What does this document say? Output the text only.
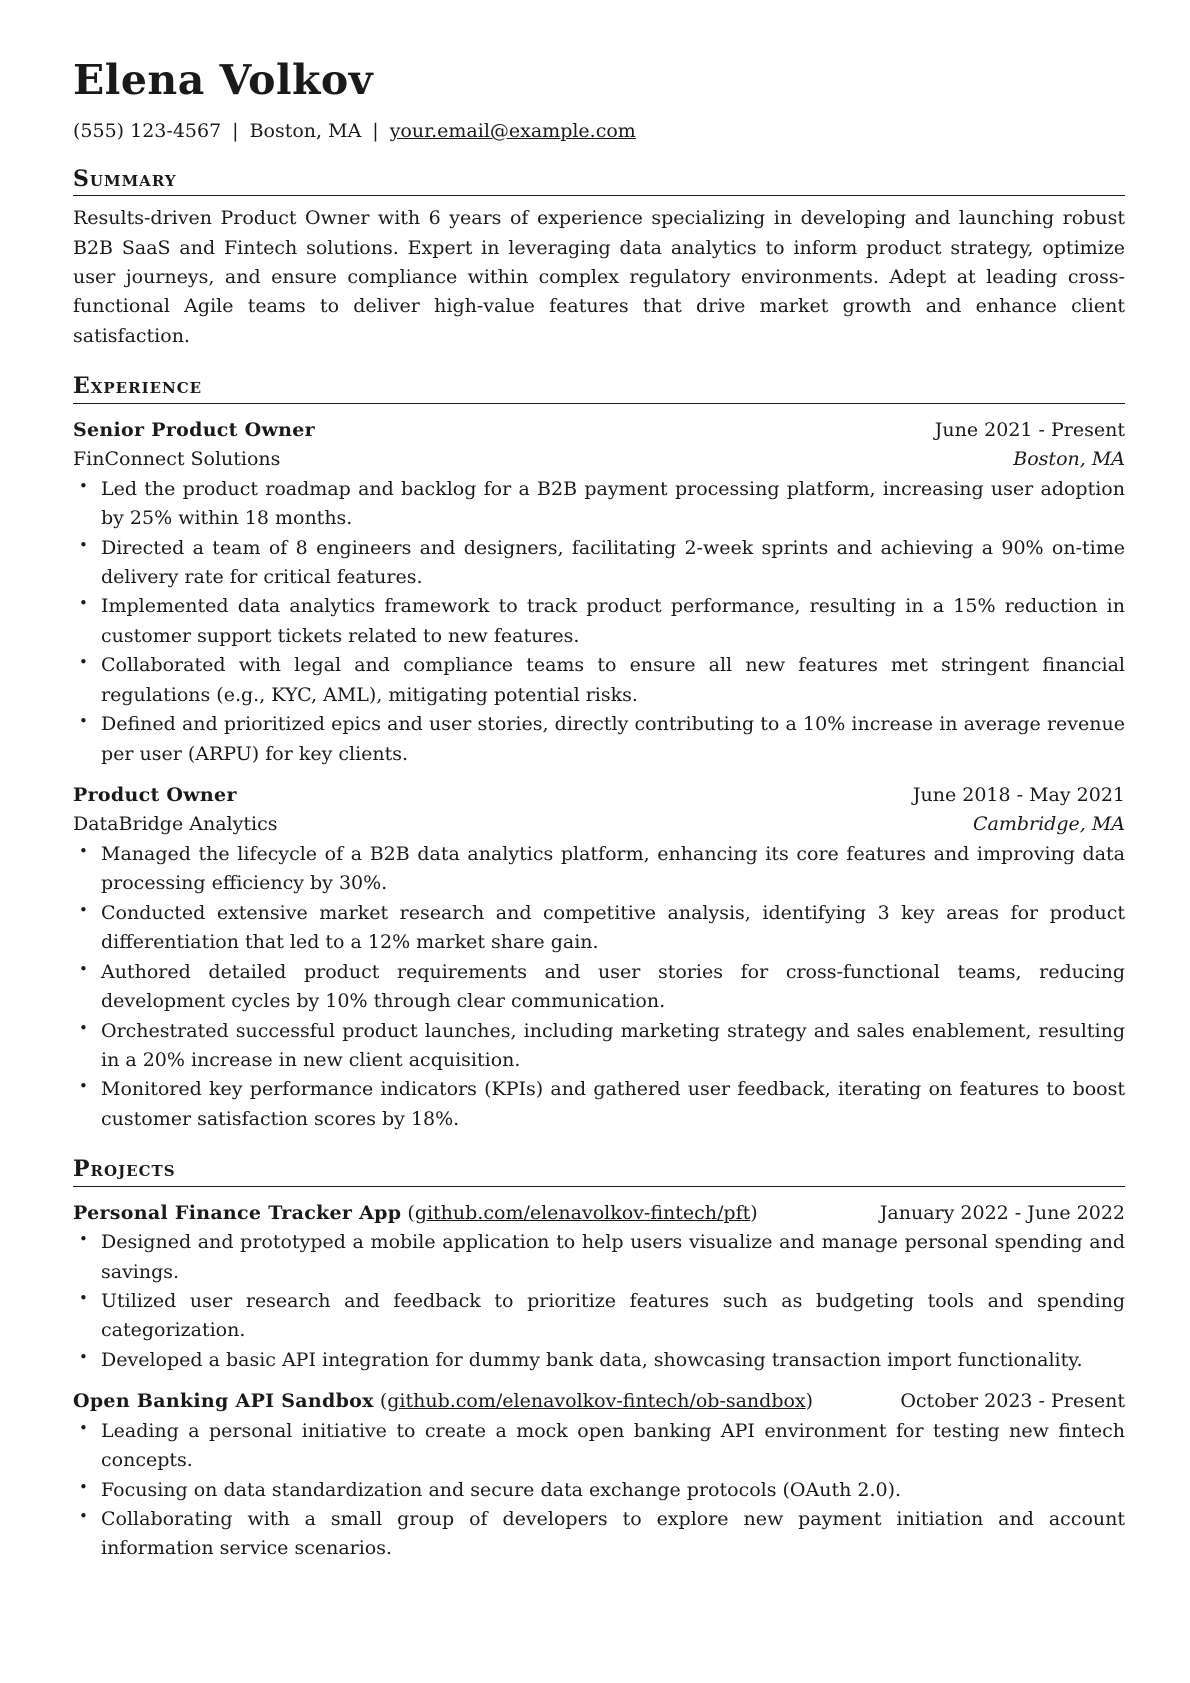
Elena Volkov
(555) 123-4567 | Boston, MA | your.email@example.com
Summary

Results-driven Product Owner with 6 years of experience specializing in developing and launching robust B2B SaaS and Fintech solutions. Expert in leveraging data analytics to inform product strategy, optimize user journeys, and ensure compliance within complex regulatory environments. Adept at leading cross-functional Agile teams to deliver high-value features that drive market growth and enhance client satisfaction.

Experience
Senior Product Owner	June 2021 - Present
FinConnect Solutions	Boston, MA
• Led the product roadmap and backlog for a B2B payment processing platform, increasing user adoption by 25% within 18 months.
• Directed a team of 8 engineers and designers, facilitating 2-week sprints and achieving a 90% on-time delivery rate for critical features.
• Implemented data analytics framework to track product performance, resulting in a 15% reduction in customer support tickets related to new features.
• Collaborated with legal and compliance teams to ensure all new features met stringent financial regulations (e.g., KYC, AML), mitigating potential risks.
• Defined and prioritized epics and user stories, directly contributing to a 10% increase in average revenue per user (ARPU) for key clients.
Product Owner	June 2018 - May 2021
DataBridge Analytics	Cambridge, MA
• Managed the lifecycle of a B2B data analytics platform, enhancing its core features and improving data processing efficiency by 30%.
• Conducted extensive market research and competitive analysis, identifying 3 key areas for product differentiation that led to a 12% market share gain.
• Authored detailed product requirements and user stories for cross-functional teams, reducing development cycles by 10% through clear communication.
• Orchestrated successful product launches, including marketing strategy and sales enablement, resulting in a 20% increase in new client acquisition.
• Monitored key performance indicators (KPIs) and gathered user feedback, iterating on features to boost customer satisfaction scores by 18%.
Projects
Personal Finance Tracker App (github.com/elenavolkov-fintech/pft)	January 2022 - June 2022
• Designed and prototyped a mobile application to help users visualize and manage personal spending and savings.
• Utilized user research and feedback to prioritize features such as budgeting tools and spending categorization.
• Developed a basic API integration for dummy bank data, showcasing transaction import functionality.
Open Banking API Sandbox (github.com/elenavolkov-fintech/ob-sandbox)	October 2023 - Present
• Leading a personal initiative to create a mock open banking API environment for testing new fintech concepts.
• Focusing on data standardization and secure data exchange protocols (OAuth 2.0).
• Collaborating with a small group of developers to explore new payment initiation and account information service scenarios.
